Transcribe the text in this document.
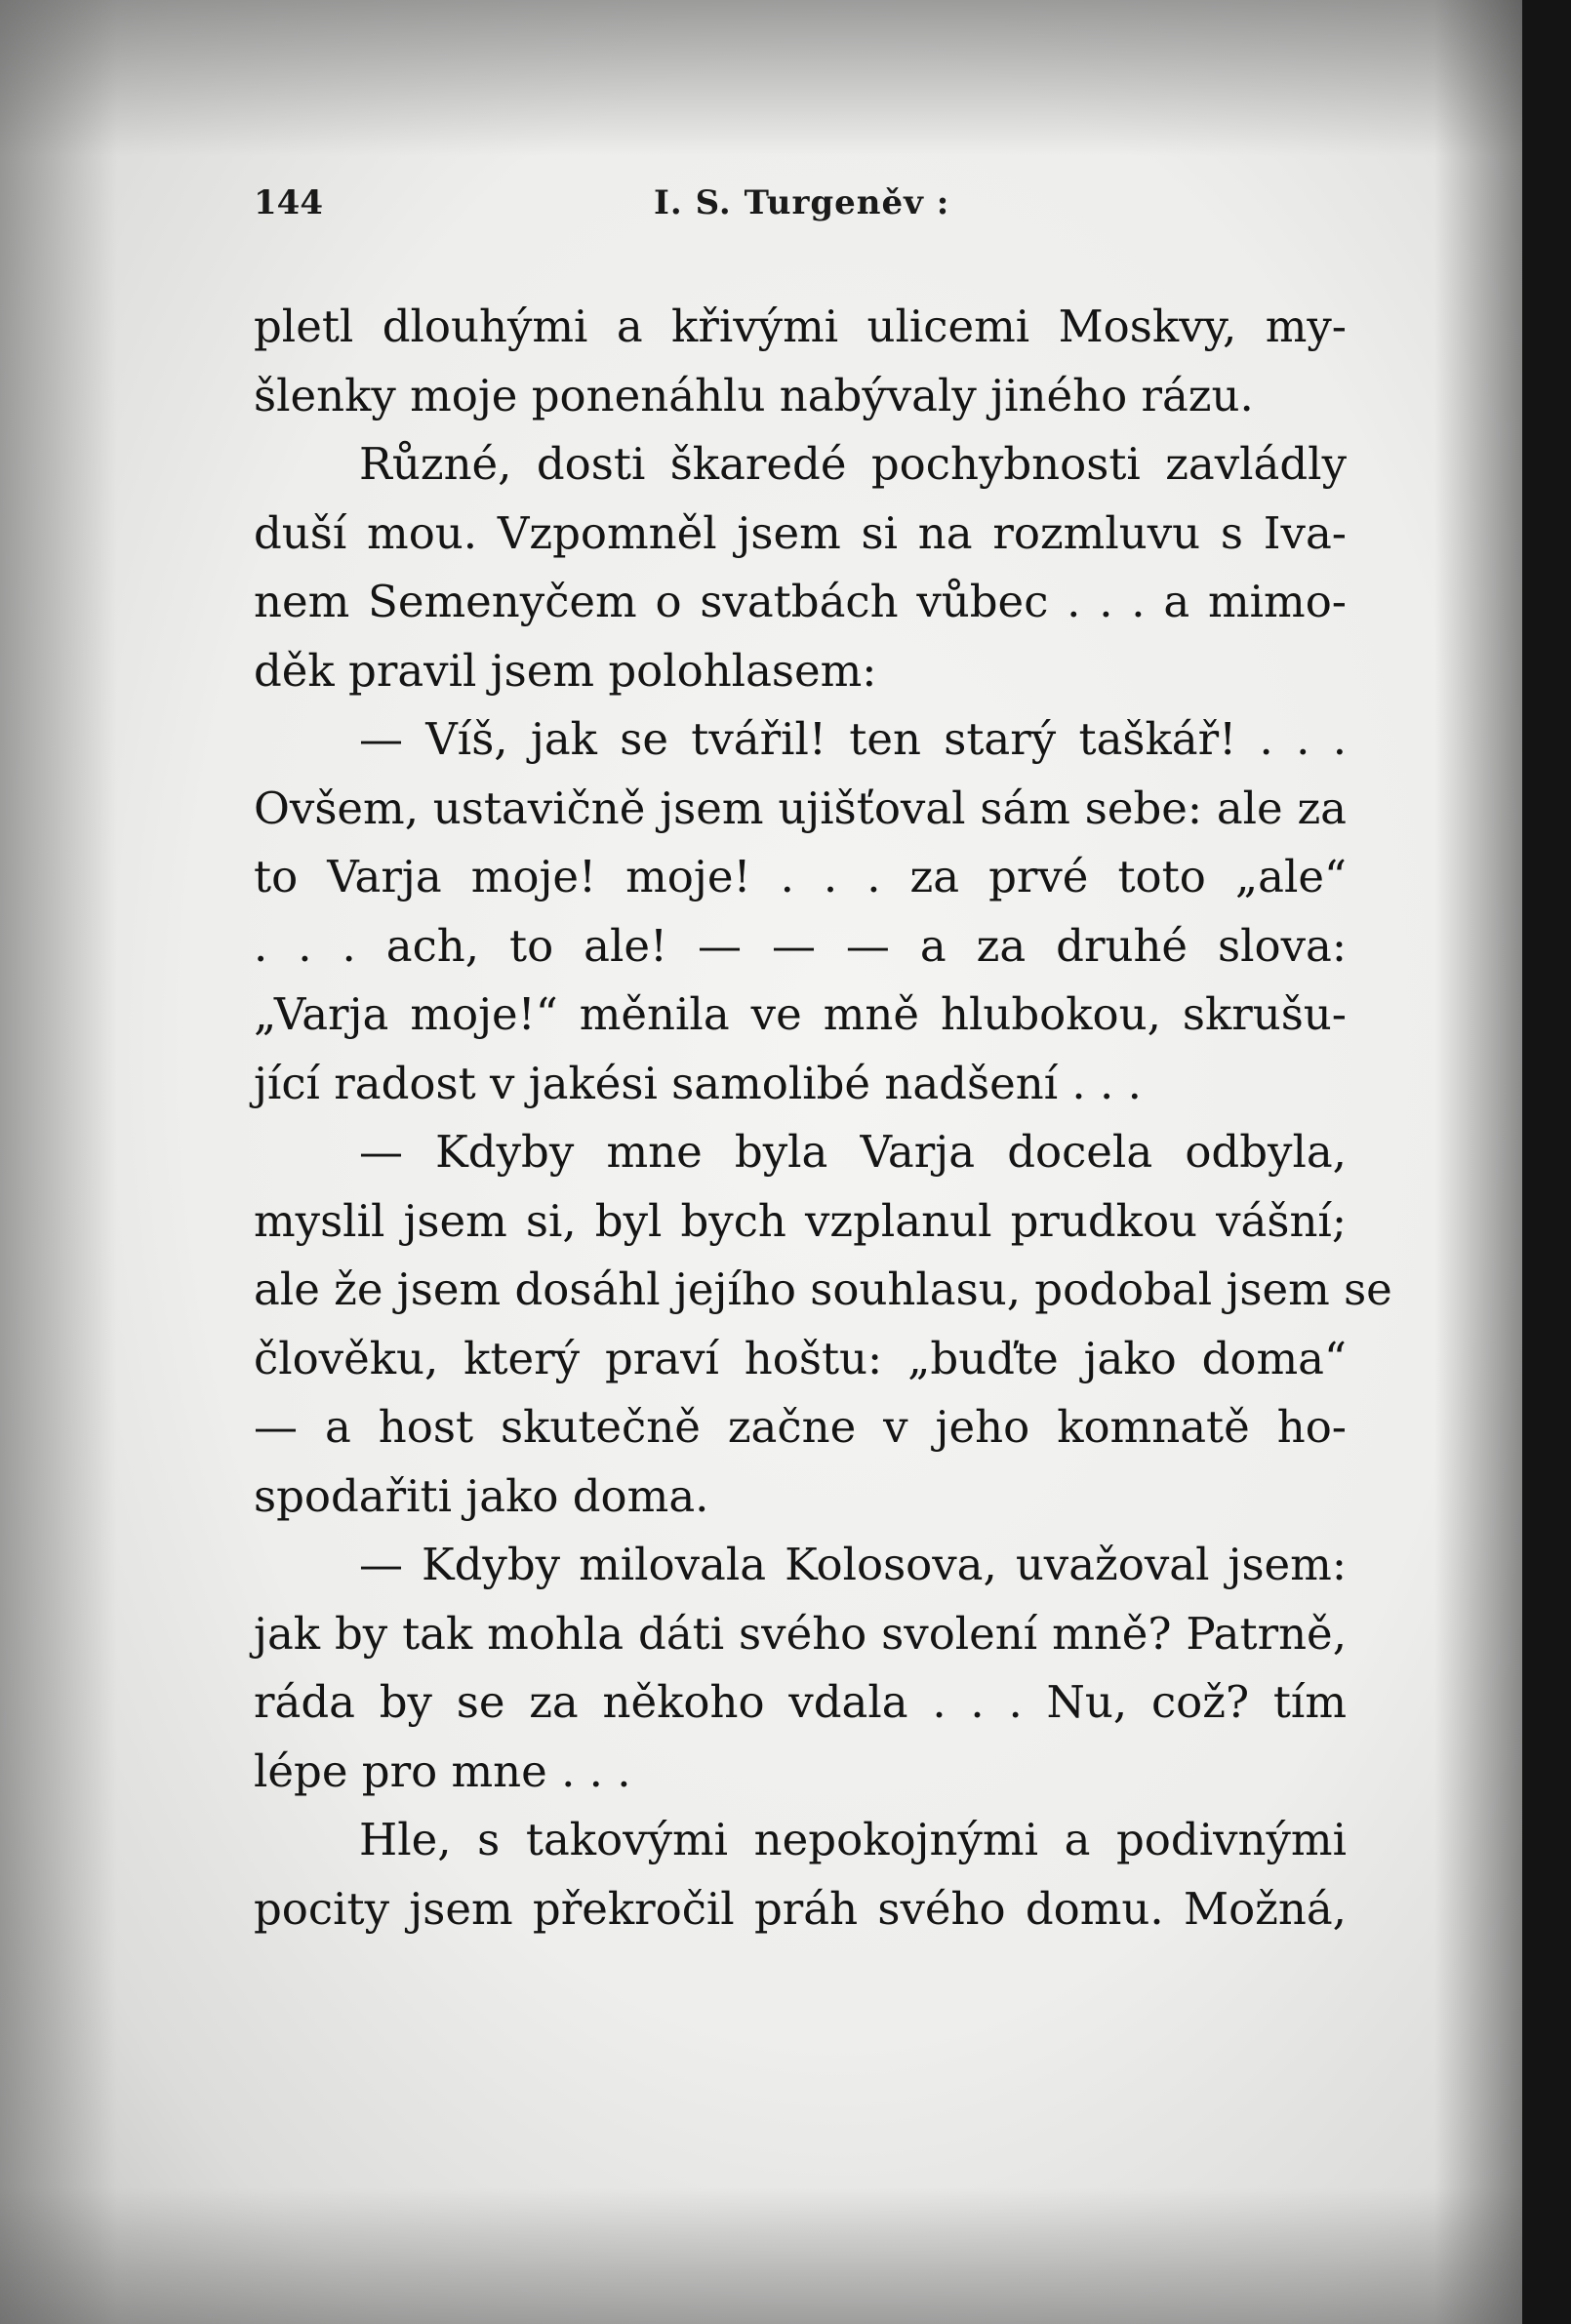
144	I. S. Turgeněv :
pletl dlouhými a křivými ulicemi Moskvy, my-
šlenky moje ponenáhlu nabývaly jiného rázu.
Různé, dosti škaredé pochybnosti zavládly
duší mou. Vzpomněl jsem si na rozmluvu s Iva-
nem Semenyčem o svatbách vůbec . . . a mimo-
děk pravil jsem polohlasem:
— Víš, jak se tvářil! ten starý taškář! . . .
Ovšem, ustavičně jsem ujišťoval sám sebe: ale za
to Varja moje! moje! . . . za prvé toto „ale“
. . . ach, to ale! — — — a za druhé slova:
„Varja moje!“ měnila ve mně hlubokou, skrušu-
jící radost v jakési samolibé nadšení . . .
— Kdyby mne byla Varja docela odbyla,
myslil jsem si, byl bych vzplanul prudkou vášní;
ale že jsem dosáhl jejího souhlasu, podobal jsem se
člověku, který praví hoštu: „buďte jako doma“
— a host skutečně začne v jeho komnatě ho-
spodařiti jako doma.
— Kdyby milovala Kolosova, uvažoval jsem:
jak by tak mohla dáti svého svolení mně? Patrně,
ráda by se za někoho vdala . . . Nu, což? tím
lépe pro mne . . .
Hle, s takovými nepokojnými a podivnými
pocity jsem překročil práh svého domu. Možná,
